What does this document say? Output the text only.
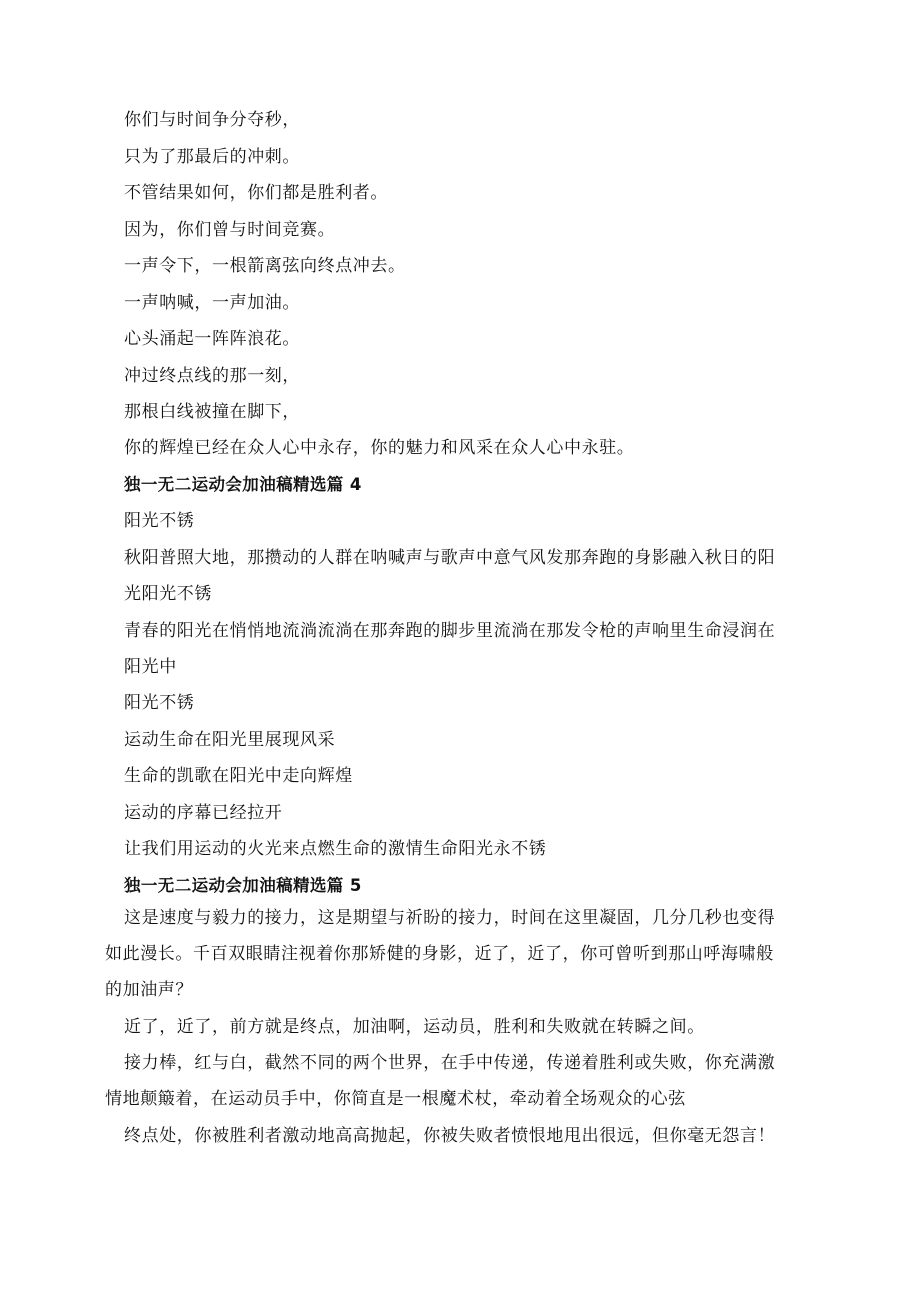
你们与时间争分夺秒，
只为了那最后的冲刺。
不管结果如何，你们都是胜利者。
因为，你们曾与时间竞赛。
一声令下，一根箭离弦向终点冲去。
一声呐喊，一声加油。
心头涌起一阵阵浪花。
冲过终点线的那一刻，
那根白线被撞在脚下，
你的辉煌已经在众人心中永存，你的魅力和风采在众人心中永驻。
独一无二运动会加油稿精选篇 4
阳光不锈
秋阳普照大地，那攒动的人群在呐喊声与歌声中意气风发那奔跑的身影融入秋日的阳
光阳光不锈
青春的阳光在悄悄地流淌流淌在那奔跑的脚步里流淌在那发令枪的声响里生命浸润在
阳光中
阳光不锈
运动生命在阳光里展现风采
生命的凯歌在阳光中走向辉煌
运动的序幕已经拉开
让我们用运动的火光来点燃生命的激情生命阳光永不锈
独一无二运动会加油稿精选篇 5
这是速度与毅力的接力，这是期望与祈盼的接力，时间在这里凝固，几分几秒也变得
如此漫长。千百双眼睛注视着你那矫健的身影，近了，近了，你可曾听到那山呼海啸般
的加油声？
近了，近了，前方就是终点，加油啊，运动员，胜利和失败就在转瞬之间。
接力棒，红与白，截然不同的两个世界，在手中传递，传递着胜利或失败，你充满激
情地颠簸着，在运动员手中，你简直是一根魔术杖，牵动着全场观众的心弦
终点处，你被胜利者激动地高高抛起，你被失败者愤恨地甩出很远，但你毫无怨言！
